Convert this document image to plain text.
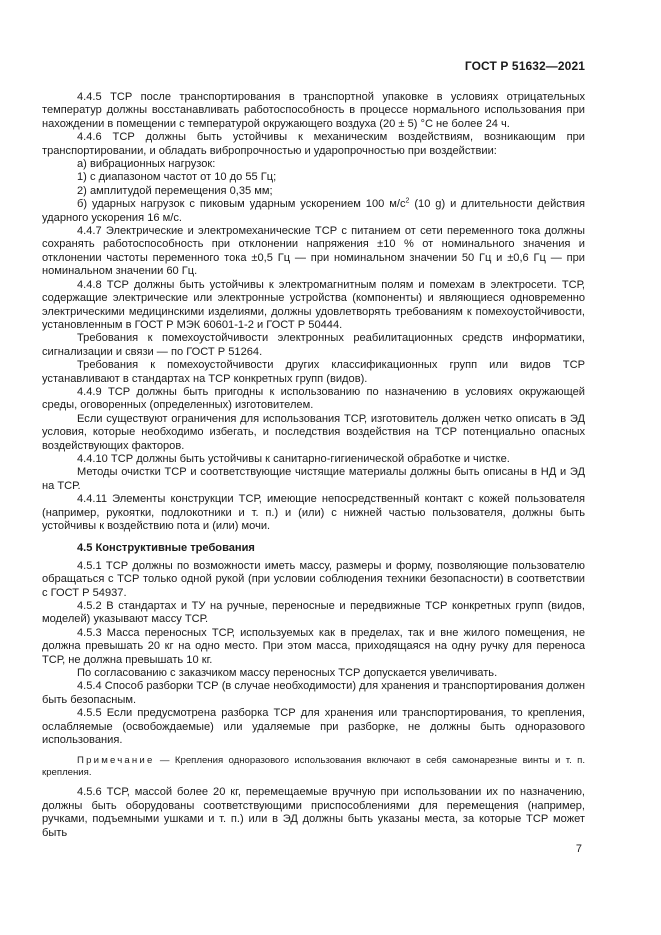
ГОСТ Р 51632—2021

4.4.5 ТСР после транспортирования в транспортной упаковке в условиях отрицательных температур должны восстанавливать работоспособность в процессе нормального использования при нахождении в помещении с температурой окружающего воздуха (20 ± 5) °C не более 24 ч.

4.4.6 ТСР должны быть устойчивы к механическим воздействиям, возникающим при транспортировании, и обладать вибропрочностью и ударопрочностью при воздействии:

а) вибрационных нагрузок:

1) с диапазоном частот от 10 до 55 Гц;

2) амплитудой перемещения 0,35 мм;

б) ударных нагрузок с пиковым ударным ускорением 100 $м/с^2$ (10 g) и длительности действия ударного ускорения 16 м/с.

4.4.7 Электрические и электромеханические ТСР с питанием от сети переменного тока должны сохранять работоспособность при отклонении напряжения ±10 % от номинального значения и отклонении частоты переменного тока ±0,5 Гц — при номинальном значении 50 Гц и ±0,6 Гц — при номинальном значении 60 Гц.

4.4.8 ТСР должны быть устойчивы к электромагнитным полям и помехам в электросети. ТСР, содержащие электрические или электронные устройства (компоненты) и являющиеся одновременно электрическими медицинскими изделиями, должны удовлетворять требованиям к помехоустойчивости, установленным в ГОСТ Р МЭК 60601-1-2 и ГОСТ Р 50444.

Требования к помехоустойчивости электронных реабилитационных средств информатики, сигнализации и связи — по ГОСТ Р 51264.

Требования к помехоустойчивости других классификационных групп или видов ТСР устанавливают в стандартах на ТСР конкретных групп (видов).

4.4.9 ТСР должны быть пригодны к использованию по назначению в условиях окружающей среды, оговоренных (определенных) изготовителем.

Если существуют ограничения для использования ТСР, изготовитель должен четко описать в ЭД условия, которые необходимо избегать, и последствия воздействия на ТСР потенциально опасных воздействующих факторов.

4.4.10 ТСР должны быть устойчивы к санитарно-гигиенической обработке и чистке.

Методы очистки ТСР и соответствующие чистящие материалы должны быть описаны в НД и ЭД на ТСР.

4.4.11 Элементы конструкции ТСР, имеющие непосредственный контакт с кожей пользователя (например, рукоятки, подлокотники и т. п.) и (или) с нижней частью пользователя, должны быть устойчивы к воздействию пота и (или) мочи.

4.5 Конструктивные требования

4.5.1 ТСР должны по возможности иметь массу, размеры и форму, позволяющие пользователю обращаться с ТСР только одной рукой (при условии соблюдения техники безопасности) в соответствии с ГОСТ Р 54937.

4.5.2 В стандартах и ТУ на ручные, переносные и передвижные ТСР конкретных групп (видов, моделей) указывают массу ТСР.

4.5.3 Масса переносных ТСР, используемых как в пределах, так и вне жилого помещения, не должна превышать 20 кг на одно место. При этом масса, приходящаяся на одну ручку для переноса ТСР, не должна превышать 10 кг.

По согласованию с заказчиком массу переносных ТСР допускается увеличивать.

4.5.4 Способ разборки ТСР (в случае необходимости) для хранения и транспортирования должен быть безопасным.

4.5.5 Если предусмотрена разборка ТСР для хранения или транспортирования, то крепления, ослабляемые (освобождаемые) или удаляемые при разборке, не должны быть одноразового использования.

Примечание — Крепления одноразового использования включают в себя самонарезные винты и т. п. крепления.

4.5.6 ТСР, массой более 20 кг, перемещаемые вручную при использовании их по назначению, должны быть оборудованы соответствующими приспособлениями для перемещения (например, ручками, подъемными ушками и т. п.) или в ЭД должны быть указаны места, за которые ТСР может быть

7
